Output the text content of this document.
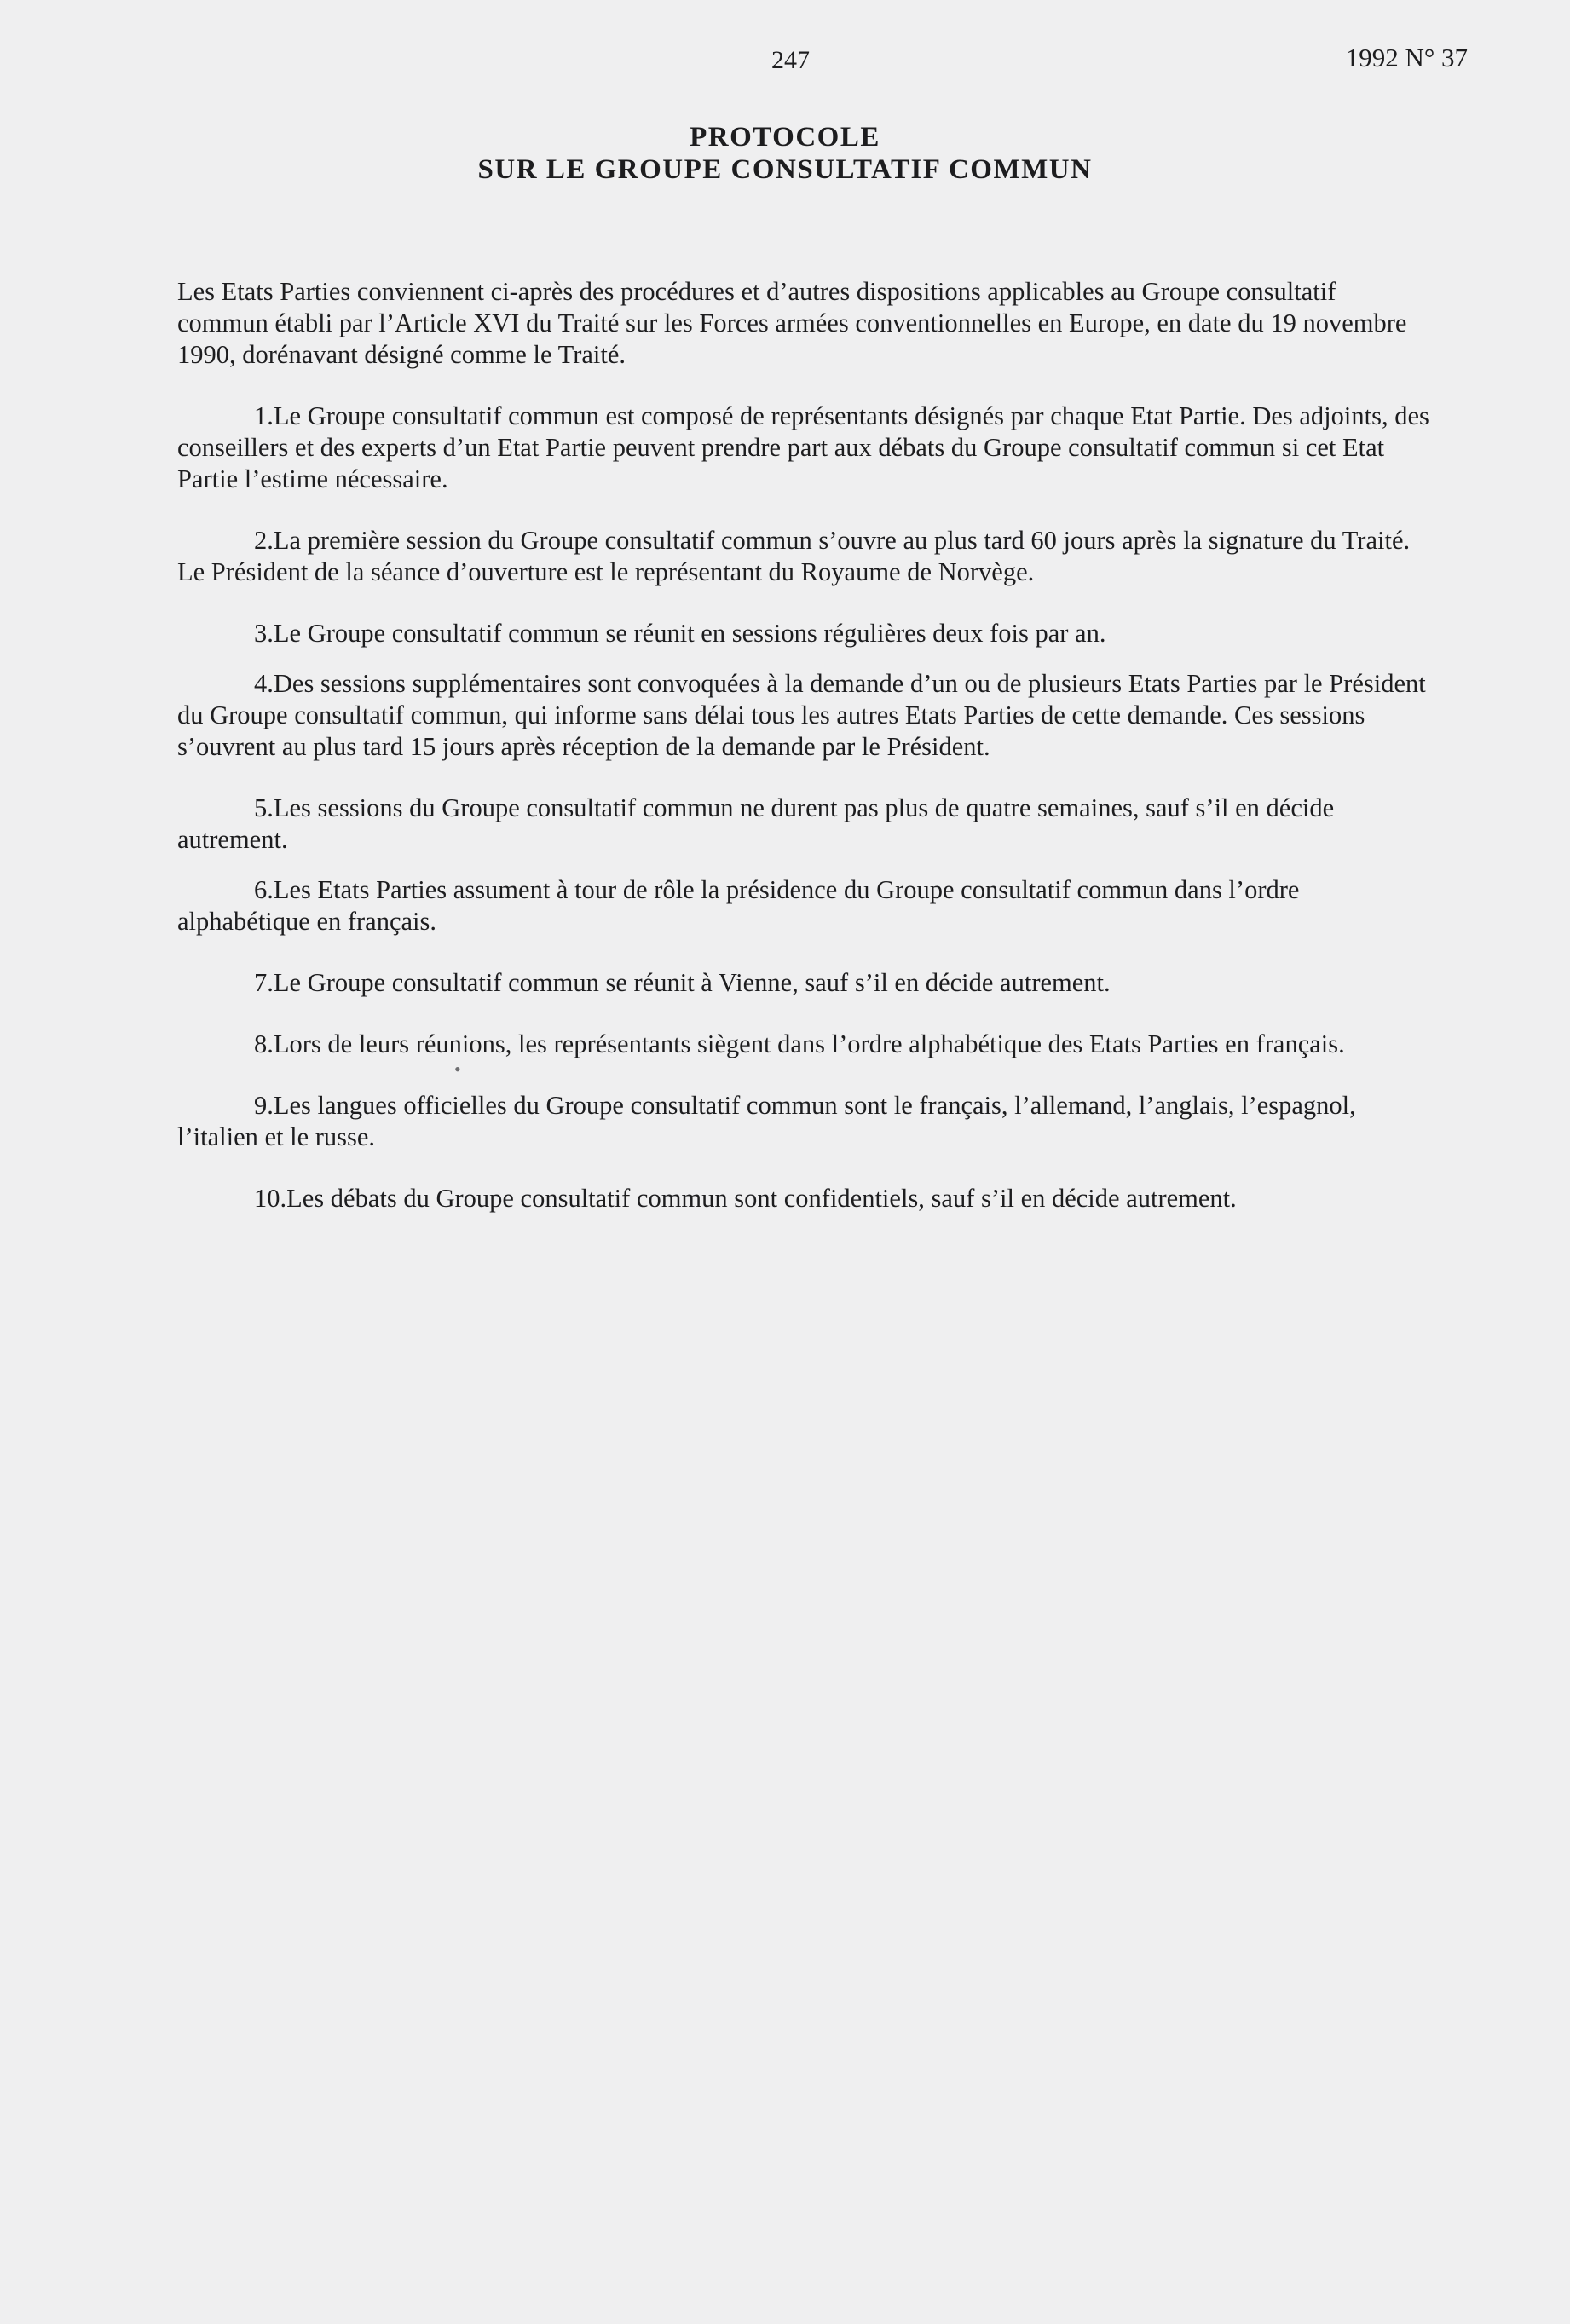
247	1992 N° 37
PROTOCOLE
SUR LE GROUPE CONSULTATIF COMMUN

Les Etats Parties conviennent ci-après des procédures et d’autres dispositions applicables au Groupe consultatif commun établi par l’Article XVI du Traité sur les Forces armées conventionnelles en Europe, en date du 19 novembre 1990, dorénavant désigné comme le Traité.

1.Le Groupe consultatif commun est composé de représentants désignés par chaque Etat Partie. Des adjoints, des conseillers et des experts d’un Etat Partie peuvent prendre part aux débats du Groupe consultatif commun si cet Etat Partie l’estime nécessaire.

2.La première session du Groupe consultatif commun s’ouvre au plus tard 60 jours après la signature du Traité. Le Président de la séance d’ouverture est le représentant du Royaume de Norvège.

3.Le Groupe consultatif commun se réunit en sessions régulières deux fois par an.

4.Des sessions supplémentaires sont convoquées à la demande d’un ou de plusieurs Etats Parties par le Président du Groupe consultatif commun, qui informe sans délai tous les autres Etats Parties de cette demande. Ces sessions s’ouvrent au plus tard 15 jours après réception de la demande par le Président.

5.Les sessions du Groupe consultatif commun ne durent pas plus de quatre semaines, sauf s’il en décide autrement.

6.Les Etats Parties assument à tour de rôle la présidence du Groupe consultatif commun dans l’ordre alphabétique en français.

7.Le Groupe consultatif commun se réunit à Vienne, sauf s’il en décide autrement.

8.Lors de leurs réunions, les représentants siègent dans l’ordre alphabétique des Etats Parties en français.

9.Les langues officielles du Groupe consultatif commun sont le français, l’allemand, l’anglais, l’espagnol, l’italien et le russe.

10.Les débats du Groupe consultatif commun sont confidentiels, sauf s’il en décide autrement.

•
